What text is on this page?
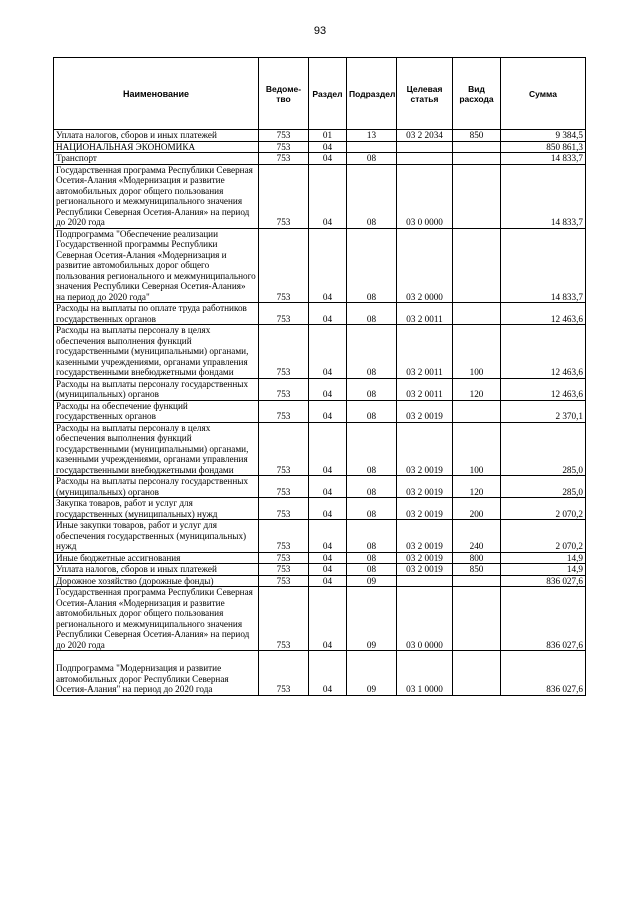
93
Наименование	Ведоме-тво	Раздел	Подраздел	Целевая статья	Вид расхода	Сумма
Уплата налогов, сборов и иных платежей	753	01	13	03 2 2034	850	9 384,5
НАЦИОНАЛЬНАЯ ЭКОНОМИКА	753	04				850 861,3
Транспорт	753	04	08			14 833,7
Государственная программа Республики Северная Осетия-Алания «Модернизация и развитие автомобильных дорог общего пользования регионального и межмуниципального значения Республики Северная Осетия-Алания» на период до 2020 года	753	04	08	03 0 0000		14 833,7
Подпрограмма "Обеспечение реализации Государственной программы Республики Северная Осетия-Алания «Модернизация и развитие автомобильных дорог общего пользования регионального и межмуниципального значения Республики Северная Осетия-Алания» на период до 2020 года"	753	04	08	03 2 0000		14 833,7
Расходы на выплаты по оплате труда работников государственных органов	753	04	08	03 2 0011		12 463,6
Расходы на выплаты персоналу в целях обеспечения выполнения функций государственными (муниципальными) органами, казенными учреждениями, органами управления государственными внебюджетными фондами	753	04	08	03 2 0011	100	12 463,6
Расходы на выплаты персоналу государственных (муниципальных) органов	753	04	08	03 2 0011	120	12 463,6
Расходы на обеспечение функций государственных органов	753	04	08	03 2 0019		2 370,1
Расходы на выплаты персоналу в целях обеспечения выполнения функций государственными (муниципальными) органами, казенными учреждениями, органами управления государственными внебюджетными фондами	753	04	08	03 2 0019	100	285,0
Расходы на выплаты персоналу государственных (муниципальных) органов	753	04	08	03 2 0019	120	285,0
Закупка товаров, работ и услуг для государственных (муниципальных) нужд	753	04	08	03 2 0019	200	2 070,2
Иные закупки товаров, работ и услуг для обеспечения государственных (муниципальных) нужд	753	04	08	03 2 0019	240	2 070,2
Иные бюджетные ассигнования	753	04	08	03 2 0019	800	14,9
Уплата налогов, сборов и иных платежей	753	04	08	03 2 0019	850	14,9
Дорожное хозяйство (дорожные фонды)	753	04	09			836 027,6
Государственная программа Республики Северная Осетия-Алания «Модернизация и развитие автомобильных дорог общего пользования регионального и межмуниципального значения Республики Северная Осетия-Алания» на период до 2020 года	753	04	09	03 0 0000		836 027,6
Подпрограмма "Модернизация и развитие автомобильных дорог Республики Северная Осетия-Алания" на период до 2020 года	753	04	09	03 1 0000		836 027,6
